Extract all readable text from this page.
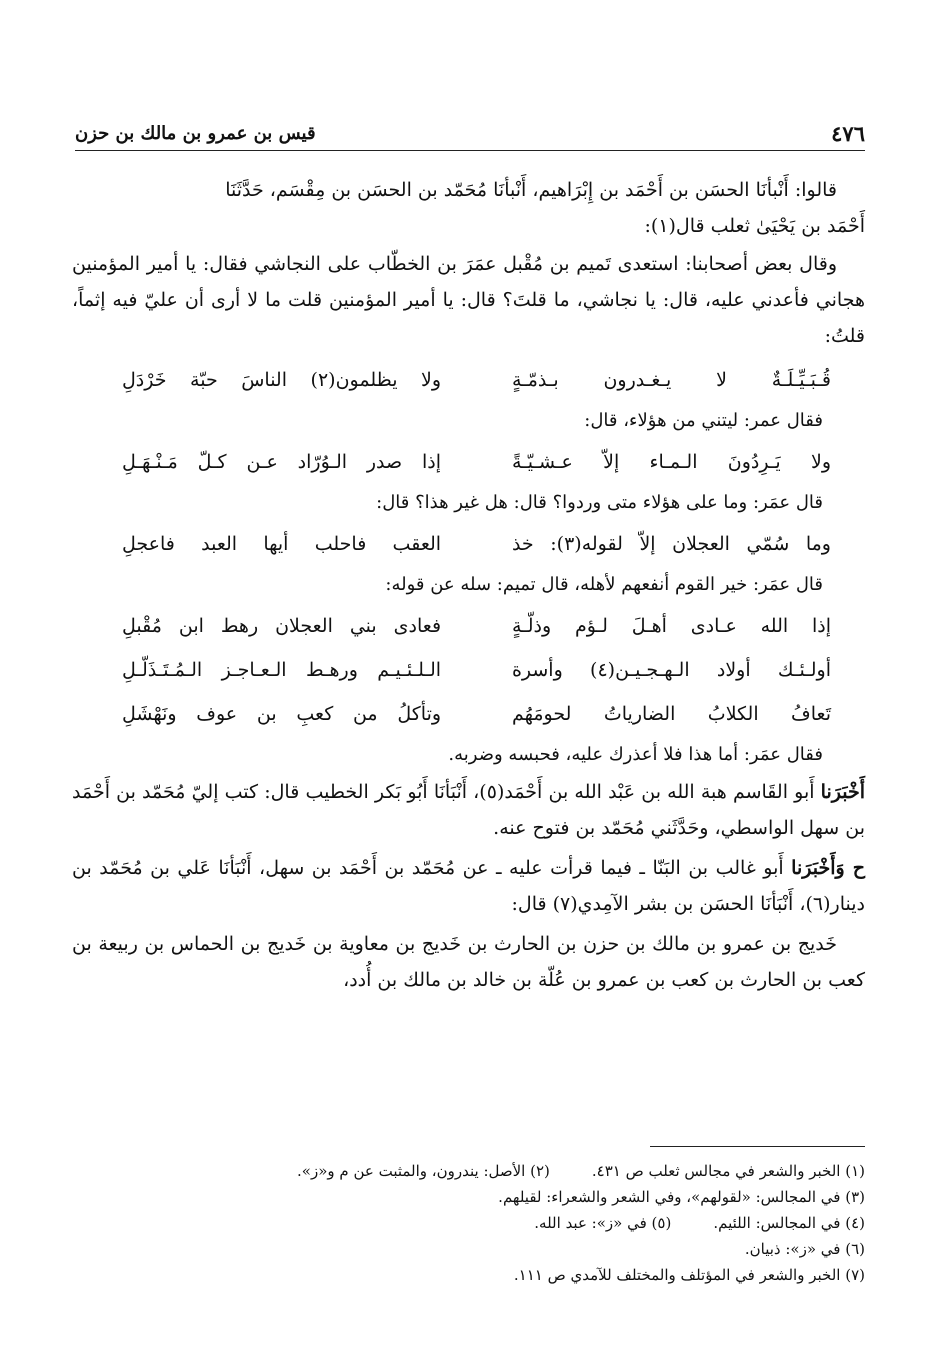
٤٧٦
قيس بن عمرو بن مالك بن حزن

قالوا: أَنْبأنَا الحسَن بن أَحْمَد بن إِبْرَاهيم، أَنْبأنَا مُحَمّد بن الحسَن بن مِقْسَم، حَدَّثَنَا

أَحْمَد بن يَحْيَىٰ ثعلب قال(١):

وقال بعض أصحابنا: استعدى تَميم بن مُقْبل عمَرَ بن الخطّاب على النجاشي فقال: يا أمير المؤمنين هجاني فأعدني عليه، قال: يا نجاشي، ما قلتَ؟ قال: يا أمير المؤمنين قلت ما لا أرى أن عليّ فيه إثماً، قلتُ:

قُـبَـيِّـلَـةٌ لا يـغـدرون بـذمّـةٍ
ولا يظلمون(٢) الناسَ حبّة خَرْدَلِ

فقال عمر: ليتني من هؤلاء، قال:

ولا يَـرِدُونَ الـمـاء إلاّ عـشـيّـةً
إذا صدر الـوُرّاد عـن كـلّ مَـنْـهَـلِ

قال عمَر: وما على هؤلاء متى وردوا؟ قال: هل غير هذا؟ قال:

وما سُمّي العجلان إلاّ لقوله(٣): خذ
العقب فاحلب أيها العبد فاعجلِ

قال عمَر: خير القوم أنفعهم لأهله، قال تميم: سله عن قوله:

إذا الله عـادى أهـلَ لـؤم وذلّـةٍ
فعادى بني العجلان رهط ابن مُقْبلِ
أولـئـك أولاد الـهـجـيـن(٤) وأسرة
الـلـئـيـم ورهـط الـعـاجـز الـمُـتَـذَلّـلِ
تَعافُ الكلابُ الضارياتُ لحومَهُم
وتأكلُ من كعبِ بن عوف ونَهْشَلِ

فقال عمَر: أما هذا فلا أعذرك عليه، فحبسه وضربه.

أَخْبَرَنا أَبو القَاسم هبة الله بن عَبْد الله بن أَحْمَد(٥)، أَنْبَأنَا أَبُو بَكر الخطيب قال: كتب إليّ مُحَمّد بن أَحْمَد بن سهل الواسطي، وحَدَّثَني مُحَمّد بن فتوح عنه.

ح وَأَخْبَرَنا أَبو غالب بن البَنّا ـ فيما قرأت عليه ـ عن مُحَمّد بن أَحْمَد بن سهل، أَنْبَأنَا عَلي بن مُحَمّد بن دينار(٦)، أَنْبَأنَا الحسَن بن بشر الآمِدي(٧) قال:

خَديج بن عمرو بن مالك بن حزن بن الحارث بن خَديج بن معاوية بن خَديج بن الحماس بن ربيعة بن كعب بن الحارث بن كعب بن عمرو بن عُلّة بن خالد بن مالك بن أُدد،

(١) الخبر والشعر في مجالس ثعلب ص ٤٣١.
(٢) الأصل: يندرون، والمثبت عن م و«ز».
(٣) في المجالس: «لقولهم»، وفي الشعر والشعراء: لقيلهم.
(٤) في المجالس: اللئيم.
(٥) في «ز»: عبد الله.
(٦) في «ز»: ذبيان.
(٧) الخبر والشعر في المؤتلف والمختلف للآمدي ص ١١١.
